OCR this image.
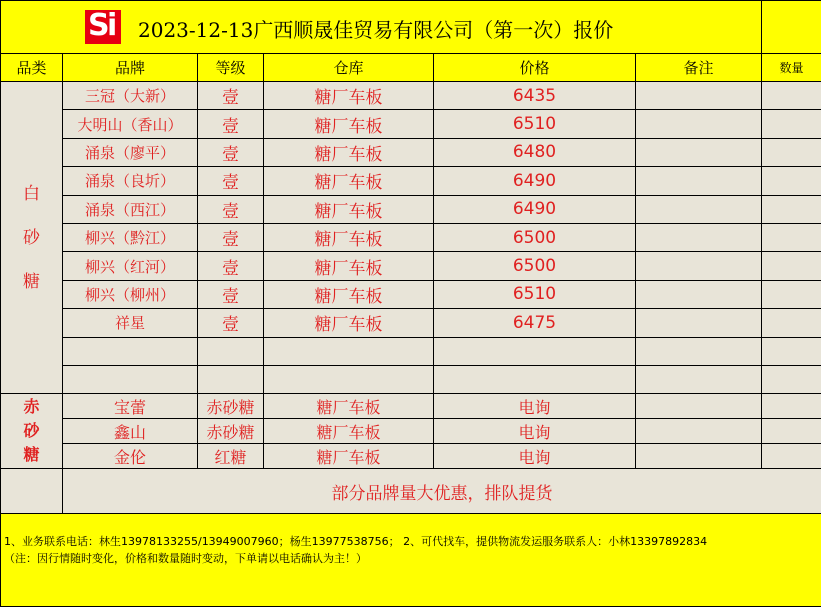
S
i 2023-12-13广西顺晟佳贸易有限公司（第一次）报价						

品类	品牌	等级	仓库	价格	备注	数量

白
砂
糖	三冠（大新）	壹	糖厂车板	6435		
	大明山（香山）	壹	糖厂车板	6510		
	涌泉（廖平）	壹	糖厂车板	6480		
	涌泉（良圻）	壹	糖厂车板	6490		
	涌泉（西江）	壹	糖厂车板	6490		
	柳兴（黔江）	壹	糖厂车板	6500		
	柳兴（红河）	壹	糖厂车板	6500		
	柳兴（柳州）	壹	糖厂车板	6510		
	祥星	壹	糖厂车板	6475		

赤
砂
糖	宝蕾	赤砂糖	糖厂车板	电询		
	鑫山	赤砂糖	糖厂车板	电询		
	金伦	红糖	糖厂车板	电询		
	部分品牌量大优惠，排队提货					

1、业务联系电话：林生13978133255/13949007960；杨生13977538756； 2、可代找车，提供物流发运服务联系人：小林13397892834
（注：因行情随时变化，价格和数量随时变动，下单请以电话确认为主！）						
